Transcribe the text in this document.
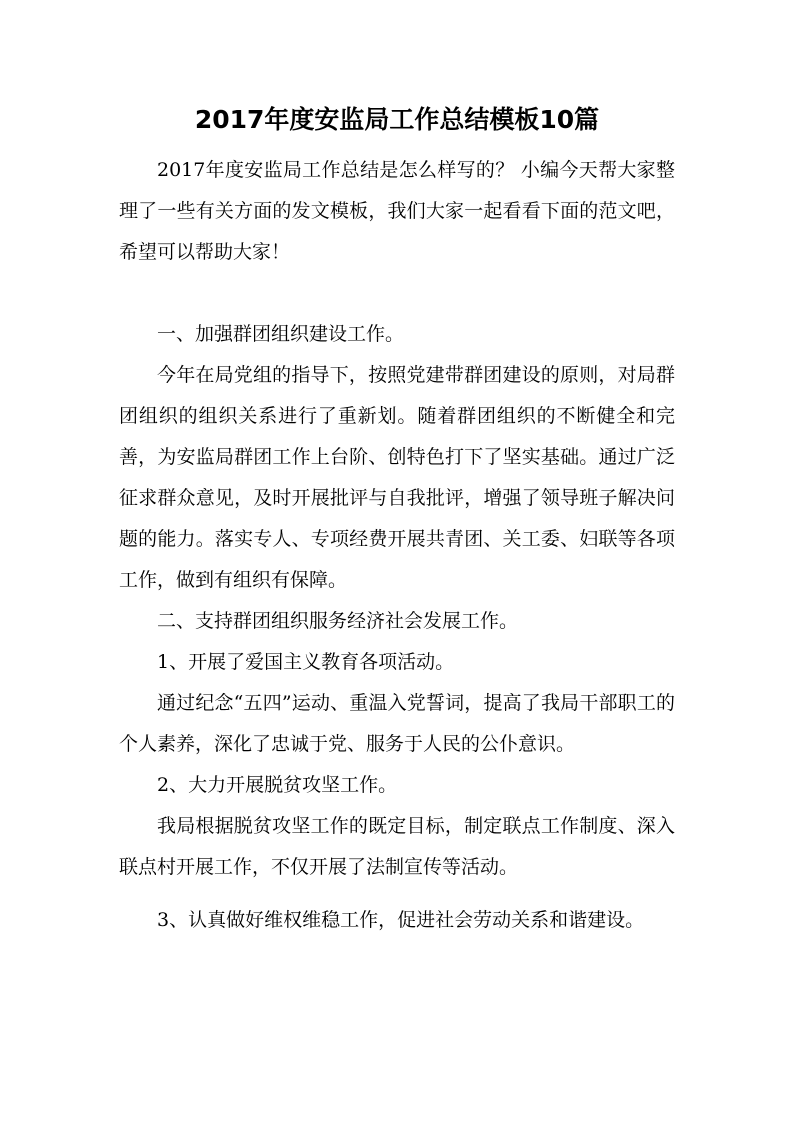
2017年度安监局工作总结模板10篇

2017年度安监局工作总结是怎么样写的？ 小编今天帮大家整理了一些有关方面的发文模板，我们大家一起看看下面的范文吧，希望可以帮助大家！

一、加强群团组织建设工作。

今年在局党组的指导下，按照党建带群团建设的原则，对局群团组织的组织关系进行了重新划。随着群团组织的不断健全和完善，为安监局群团工作上台阶、创特色打下了坚实基础。通过广泛征求群众意见，及时开展批评与自我批评，增强了领导班子解决问题的能力。落实专人、专项经费开展共青团、关工委、妇联等各项工作，做到有组织有保障。

二、支持群团组织服务经济社会发展工作。

1、开展了爱国主义教育各项活动。

通过纪念“五四”运动、重温入党誓词，提高了我局干部职工的个人素养，深化了忠诚于党、服务于人民的公仆意识。

2、大力开展脱贫攻坚工作。

我局根据脱贫攻坚工作的既定目标，制定联点工作制度、深入联点村开展工作，不仅开展了法制宣传等活动。

3、认真做好维权维稳工作，促进社会劳动关系和谐建设。
